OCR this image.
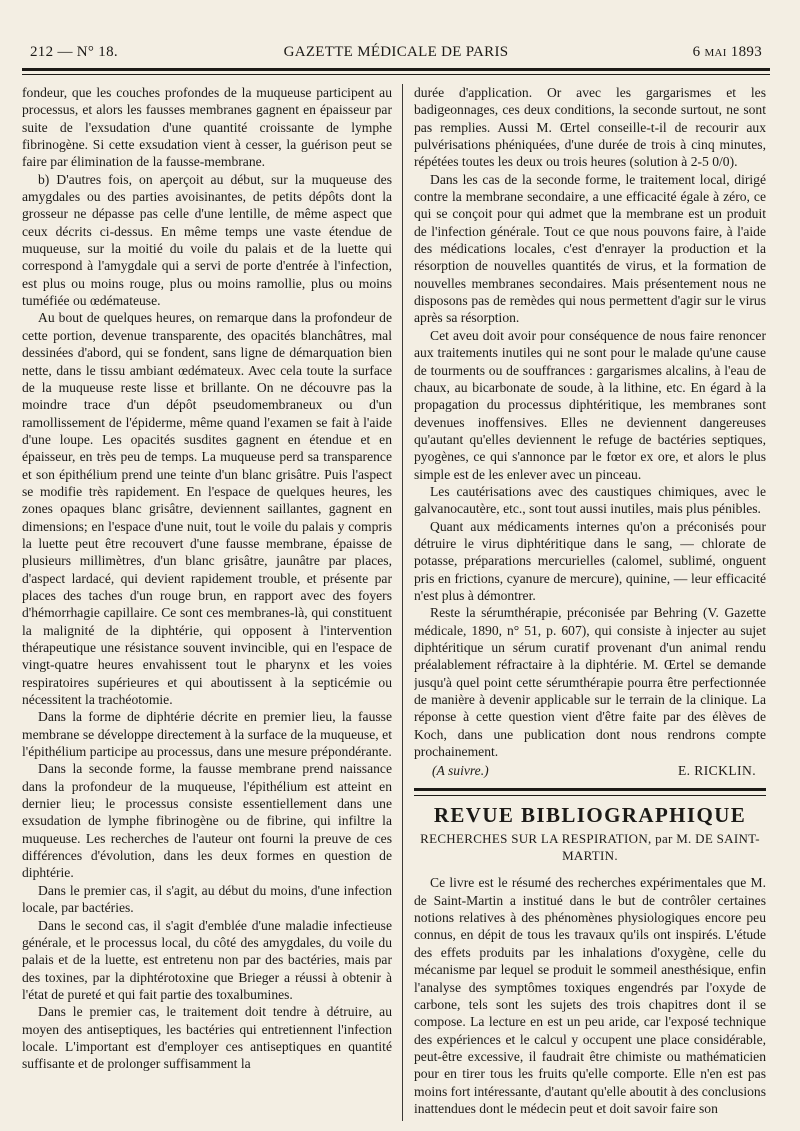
212 — N° 18.	GAZETTE MÉDICALE DE PARIS	6 MAI 1893

fondeur, que les couches profondes de la muqueuse participent au processus, et alors les fausses membranes gagnent en épaisseur par suite de l'exsudation d'une quantité croissante de lymphe fibrinogène. Si cette exsudation vient à cesser, la guérison peut se faire par élimination de la fausse-membrane.

b) D'autres fois, on aperçoit au début, sur la muqueuse des amygdales ou des parties avoisinantes, de petits dépôts dont la grosseur ne dépasse pas celle d'une lentille, de même aspect que ceux décrits ci-dessus. En même temps une vaste étendue de muqueuse, sur la moitié du voile du palais et de la luette qui correspond à l'amygdale qui a servi de porte d'entrée à l'infection, est plus ou moins rouge, plus ou moins ramollie, plus ou moins tuméfiée ou œdémateuse.

Au bout de quelques heures, on remarque dans la profondeur de cette portion, devenue transparente, des opacités blanchâtres, mal dessinées d'abord, qui se fondent, sans ligne de démarquation bien nette, dans le tissu ambiant œdémateux. Avec cela toute la surface de la muqueuse reste lisse et brillante. On ne découvre pas la moindre trace d'un dépôt pseudomembraneux ou d'un ramollissement de l'épiderme, même quand l'examen se fait à l'aide d'une loupe. Les opacités susdites gagnent en étendue et en épaisseur, en très peu de temps. La muqueuse perd sa transparence et son épithélium prend une teinte d'un blanc grisâtre. Puis l'aspect se modifie très rapidement. En l'espace de quelques heures, les zones opaques blanc grisâtre, deviennent saillantes, gagnent en dimensions; en l'espace d'une nuit, tout le voile du palais y compris la luette peut être recouvert d'une fausse membrane, épaisse de plusieurs millimètres, d'un blanc grisâtre, jaunâtre par places, d'aspect lardacé, qui devient rapidement trouble, et présente par places des taches d'un rouge brun, en rapport avec des foyers d'hémorrhagie capillaire. Ce sont ces membranes-là, qui constituent la malignité de la diphtérie, qui opposent à l'intervention thérapeutique une résistance souvent invincible, qui en l'espace de vingt-quatre heures envahissent tout le pharynx et les voies respiratoires supérieures et qui aboutissent à la septicémie ou nécessitent la trachéotomie.

Dans la forme de diphtérie décrite en premier lieu, la fausse membrane se développe directement à la surface de la muqueuse, et l'épithélium participe au processus, dans une mesure prépondérante.

Dans la seconde forme, la fausse membrane prend naissance dans la profondeur de la muqueuse, l'épithélium est atteint en dernier lieu; le processus consiste essentiellement dans une exsudation de lymphe fibrinogène ou de fibrine, qui infiltre la muqueuse. Les recherches de l'auteur ont fourni la preuve de ces différences d'évolution, dans les deux formes en question de diphtérie.

Dans le premier cas, il s'agit, au début du moins, d'une infection locale, par bactéries.

Dans le second cas, il s'agit d'emblée d'une maladie infectieuse générale, et le processus local, du côté des amygdales, du voile du palais et de la luette, est entretenu non par des bactéries, mais par des toxines, par la diphtérotoxine que Brieger a réussi à obtenir à l'état de pureté et qui fait partie des toxalbumines.

Dans le premier cas, le traitement doit tendre à détruire, au moyen des antiseptiques, les bactéries qui entretiennent l'infection locale. L'important est d'employer ces antiseptiques en quantité suffisante et de prolonger suffisamment la

durée d'application. Or avec les gargarismes et les badigeonnages, ces deux conditions, la seconde surtout, ne sont pas remplies. Aussi M. Œrtel conseille-t-il de recourir aux pulvérisations phéniquées, d'une durée de trois à cinq minutes, répétées toutes les deux ou trois heures (solution à 2-5 0/0).

Dans les cas de la seconde forme, le traitement local, dirigé contre la membrane secondaire, a une efficacité égale à zéro, ce qui se conçoit pour qui admet que la membrane est un produit de l'infection générale. Tout ce que nous pouvons faire, à l'aide des médications locales, c'est d'enrayer la production et la résorption de nouvelles quantités de virus, et la formation de nouvelles membranes secondaires. Mais présentement nous ne disposons pas de remèdes qui nous permettent d'agir sur le virus après sa résorption.

Cet aveu doit avoir pour conséquence de nous faire renoncer aux traitements inutiles qui ne sont pour le malade qu'une cause de tourments ou de souffrances : gargarismes alcalins, à l'eau de chaux, au bicarbonate de soude, à la lithine, etc. En égard à la propagation du processus diphtéritique, les membranes sont devenues inoffensives. Elles ne deviennent dangereuses qu'autant qu'elles deviennent le refuge de bactéries septiques, pyogènes, ce qui s'annonce par le fœtor ex ore, et alors le plus simple est de les enlever avec un pinceau.

Les cautérisations avec des caustiques chimiques, avec le galvanocautère, etc., sont tout aussi inutiles, mais plus pénibles.

Quant aux médicaments internes qu'on a préconisés pour détruire le virus diphtéritique dans le sang, — chlorate de potasse, préparations mercurielles (calomel, sublimé, onguent pris en frictions, cyanure de mercure), quinine, — leur efficacité n'est plus à démontrer.

Reste la sérumthérapie, préconisée par Behring (V. Gazette médicale, 1890, n° 51, p. 607), qui consiste à injecter au sujet diphtéritique un sérum curatif provenant d'un animal rendu préalablement réfractaire à la diphtérie. M. Œrtel se demande jusqu'à quel point cette sérumthérapie pourra être perfectionnée de manière à devenir applicable sur le terrain de la clinique. La réponse à cette question vient d'être faite par des élèves de Koch, dans une publication dont nous rendrons compte prochainement.

(A suivre.)	E. RICKLIN.
REVUE BIBLIOGRAPHIQUE
RECHERCHES SUR LA RESPIRATION, par M. DE SAINT-MARTIN.

Ce livre est le résumé des recherches expérimentales que M. de Saint-Martin a institué dans le but de contrôler certaines notions relatives à des phénomènes physiologiques encore peu connus, en dépit de tous les travaux qu'ils ont inspirés. L'étude des effets produits par les inhalations d'oxygène, celle du mécanisme par lequel se produit le sommeil anesthésique, enfin l'analyse des symptômes toxiques engendrés par l'oxyde de carbone, tels sont les sujets des trois chapitres dont il se compose. La lecture en est un peu aride, car l'exposé technique des expériences et le calcul y occupent une place considérable, peut-être excessive, il faudrait être chimiste ou mathématicien pour en tirer tous les fruits qu'elle comporte. Elle n'en est pas moins fort intéressante, d'autant qu'elle aboutit à des conclusions inattendues dont le médecin peut et doit savoir faire son
